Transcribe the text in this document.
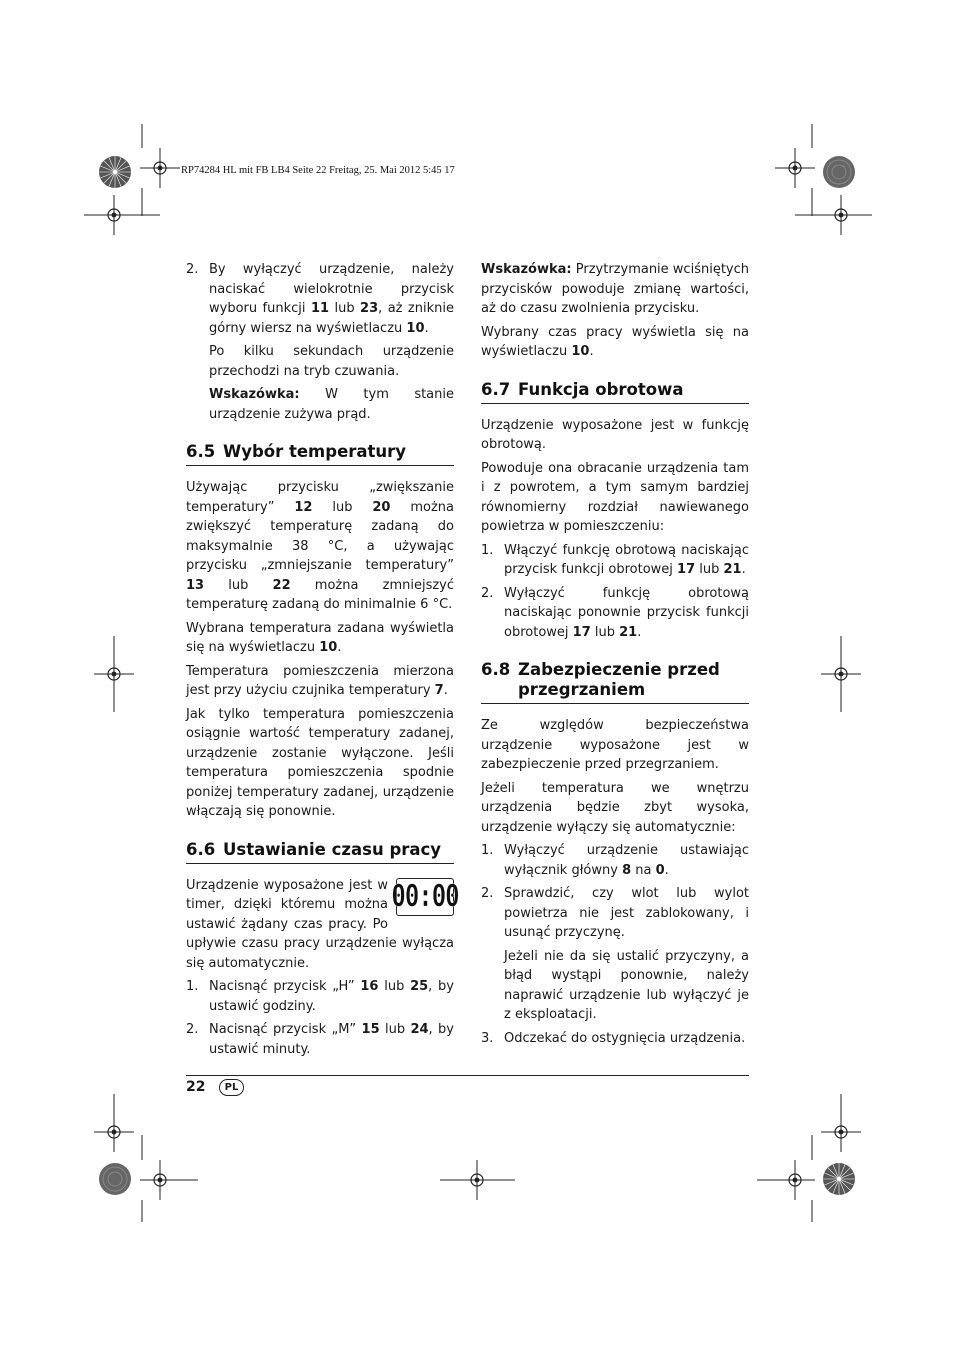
RP74284 HL mit FB LB4 Seite 22 Freitag, 25. Mai 2012 5:45 17
2. By wyłączyć urządzenie, należy naciskać wielokrotnie przycisk wyboru funkcji 11 lub 23, aż zniknie górny wiersz na wyświetlaczu 10.

Po kilku sekundach urządzenie przechodzi na tryb czuwania.

Wskazówka: W tym stanie urządzenie zużywa prąd.

6.5 Wybór temperatury

Używając przycisku „zwiększanie temperatury” 12 lub 20 można zwiększyć temperaturę zadaną do maksymalnie 38 °C, a używając przycisku „zmniejszanie temperatury” 13 lub 22 można zmniejszyć temperaturę zadaną do minimalnie 6 °C.

Wybrana temperatura zadana wyświetla się na wyświetlaczu 10.

Temperatura pomieszczenia mierzona jest przy użyciu czujnika temperatury 7.

Jak tylko temperatura pomieszczenia osiągnie wartość temperatury zadanej, urządzenie zostanie wyłączone. Jeśli temperatura pomieszczenia spodnie poniżej temperatury zadanej, urządzenie włączają się ponownie.

6.6 Ustawianie czasu pracy
00:00

Urządzenie wyposażone jest w timer, dzięki któremu można ustawić żądany czas pracy. Po upływie czasu pracy urządzenie wyłącza się automatycznie.

1. Nacisnąć przycisk „H” 16 lub 25, by ustawić godziny.
2. Nacisnąć przycisk „M” 15 lub 24, by ustawić minuty.

Wskazówka: Przytrzymanie wciśniętych przycisków powoduje zmianę wartości, aż do czasu zwolnienia przycisku.

Wybrany czas pracy wyświetla się na wyświetlaczu 10.

6.7 Funkcja obrotowa

Urządzenie wyposażone jest w funkcję obrotową.

Powoduje ona obracanie urządzenia tam i z powrotem, a tym samym bardziej równomierny rozdział nawiewanego powietrza w pomieszczeniu:

1. Włączyć funkcję obrotową naciskając przycisk funkcji obrotowej 17 lub 21.
2. Wyłączyć funkcję obrotową naciskając ponownie przycisk funkcji obrotowej 17 lub 21.
6.8 Zabezpieczenie przed przegrzaniem

Ze względów bezpieczeństwa urządzenie wyposażone jest w zabezpieczenie przed przegrzaniem.

Jeżeli temperatura we wnętrzu urządzenia będzie zbyt wysoka, urządzenie wyłączy się automatycznie:

1. Wyłączyć urządzenie ustawiając wyłącznik główny 8 na 0.
2. Sprawdzić, czy wlot lub wylot powietrza nie jest zablokowany, i usunąć przyczynę.

Jeżeli nie da się ustalić przyczyny, a błąd wystąpi ponownie, należy naprawić urządzenie lub wyłączyć je z eksploatacji.

3. Odczekać do ostygnięcia urządzenia.
22	PL
